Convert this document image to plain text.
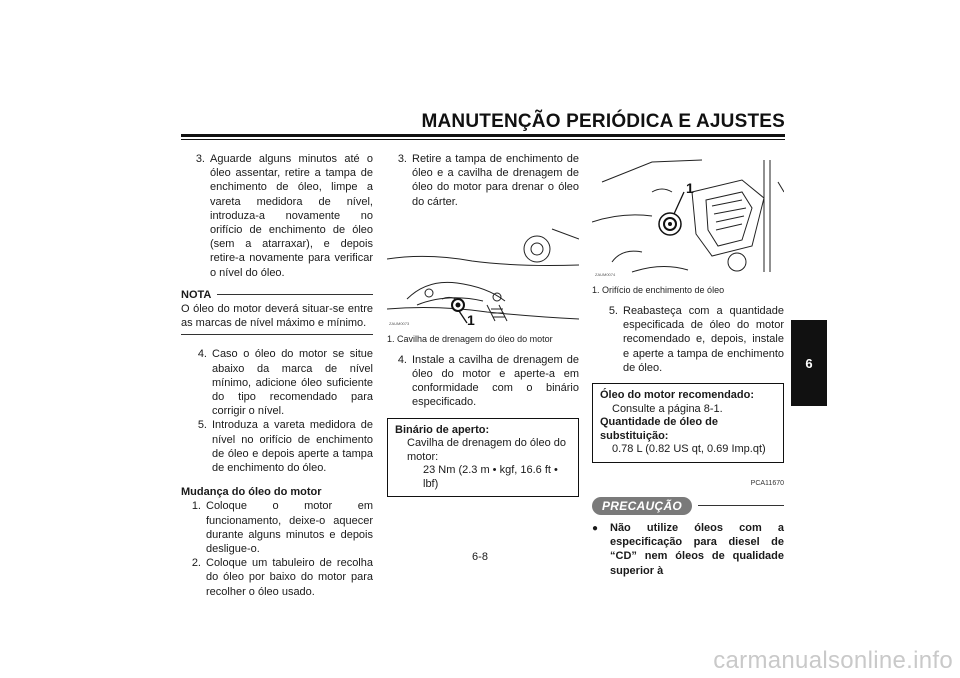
MANUTENÇÃO PERIÓDICA E AJUSTES
6
3. Aguarde alguns minutos até o óleo assentar, retire a tampa de enchimento de óleo, limpe a vareta medidora de nível, introduza-a novamente no orifício de enchimento de óleo (sem a atarraxar), e depois retire-a novamente para verificar o nível do óleo.
NOTA
O óleo do motor deverá situar-se entre as marcas de nível máximo e mínimo.
4. Caso o óleo do motor se situe abaixo da marca de nível mínimo, adicione óleo suficiente do tipo recomendado para corrigir o nível.
5. Introduza a vareta medidora de nível no orifício de enchimento de óleo e depois aperte a tampa de enchimento do óleo.
Mudança do óleo do motor
1. Coloque o motor em funcionamento, deixe-o aquecer durante alguns minutos e depois desligue-o.
2. Coloque um tabuleiro de recolha do óleo por baixo do motor para recolher o óleo usado.
3. Retire a tampa de enchimento de óleo e a cavilha de drenagem de óleo do motor para drenar o óleo do cárter.
1
ZAUM0073
1. Cavilha de drenagem do óleo do motor
4. Instale a cavilha de drenagem de óleo do motor e aperte-a em conformidade com o binário especificado.
Binário de aperto:
Cavilha de drenagem do óleo do motor:
23 Nm (2.3 m • kgf, 16.6 ft • lbf)
1
ZAUM0074
1. Orifício de enchimento de óleo
5. Reabasteça com a quantidade especificada de óleo do motor recomendado e, depois, instale e aperte a tampa de enchimento de óleo.
Óleo do motor recomendado:
Consulte a página 8-1.
Quantidade de óleo de substituição:
0.78 L (0.82 US qt, 0.69 Imp.qt)
PCA11670
PRECAUÇÃO
●	Não utilize óleos com a especificação para diesel de “CD” nem óleos de qualidade superior à
6-8
carmanualsonline.info
